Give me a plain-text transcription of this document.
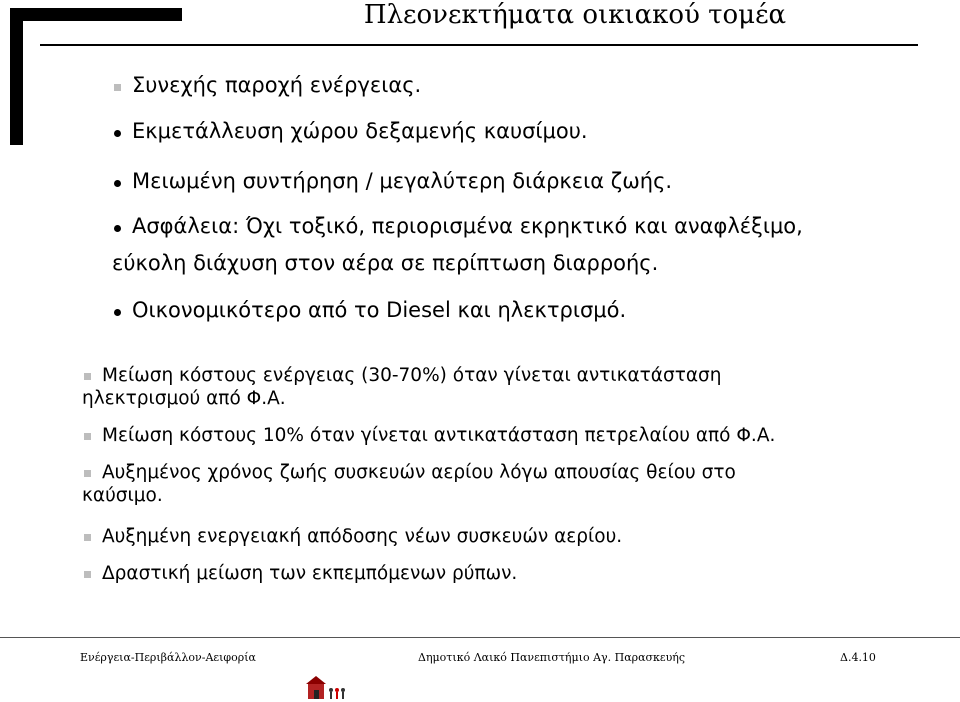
Πλεονεκτήματα οικιακού τομέα
Συνεχής παροχή ενέργειας.
Εκμετάλλευση χώρου δεξαμενής καυσίμου.
Μειωμένη συντήρηση / μεγαλύτερη διάρκεια ζωής.
Ασφάλεια: Όχι τοξικό, περιορισμένα εκρηκτικό και αναφλέξιμο,
εύκολη διάχυση στον αέρα σε περίπτωση διαρροής.
Οικονομικότερο από το Diesel και ηλεκτρισμό.
Μείωση κόστους ενέργειας (30-70%) όταν γίνεται αντικατάσταση
ηλεκτρισμού από Φ.Α.
Μείωση κόστους 10% όταν γίνεται αντικατάσταση πετρελαίου από Φ.Α.
Αυξημένος χρόνος ζωής συσκευών αερίου λόγω απουσίας θείου στο
καύσιμο.
Αυξημένη ενεργειακή απόδοσης νέων συσκευών αερίου.
Δραστική μείωση των εκπεμπόμενων ρύπων.
Ενέργεια-Περιβάλλον-Αειφορία	Δημοτικό Λαικό Πανεπιστήμιο Αγ. Παρασκευής	Δ.4.10
